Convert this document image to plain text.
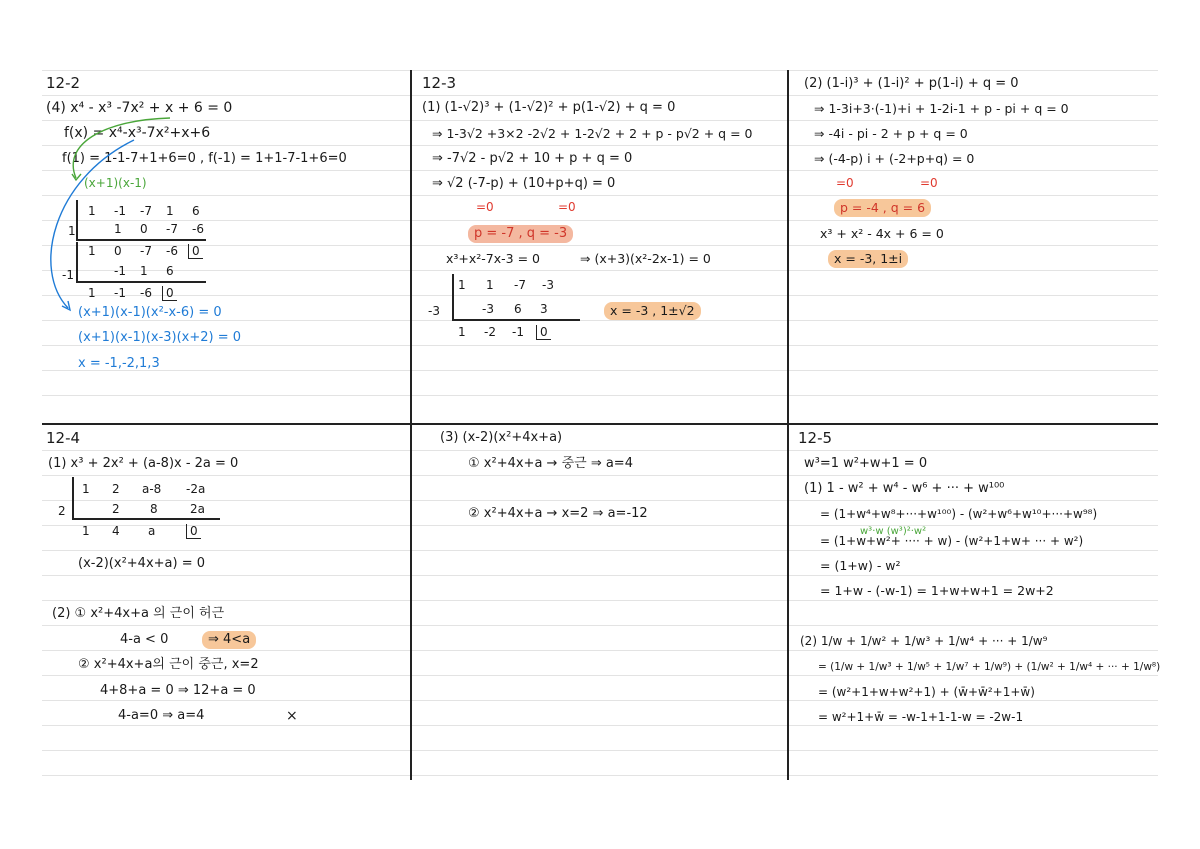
12-2
(4) x⁴ - x³ -7x² + x + 6 = 0
f(x) = x⁴-x³-7x²+x+6
f(1) = 1-1-7+1+6=0 , f(-1) = 1+1-7-1+6=0
(x+1)(x-1)
1 -1 -7 1 6
1	1 0 -7 -6
1 0 -7 -6 0
-1	-1 1 6
1 -1 -6 0
(x+1)(x-1)(x²-x-6) = 0
(x+1)(x-1)(x-3)(x+2) = 0
x = -1,-2,1,3
12-3
(1) (1-√2)³ + (1-√2)² + p(1-√2) + q = 0
⇒ 1-3√2 +3×2 -2√2 + 1-2√2 + 2 + p - p√2 + q = 0
⇒ -7√2 - p√2 + 10 + p + q = 0
⇒ √2 (-7-p) + (10+p+q) = 0
=0	=0
p = -7 , q = -3
x³+x²-7x-3 = 0	⇒ (x+3)(x²-2x-1) = 0
1 1 -7 -3
-3	-3 6 3
1 -2 -1 0
x = -3 , 1±√2
(2) (1-i)³ + (1-i)² + p(1-i) + q = 0
⇒ 1-3i+3·(-1)+i + 1-2i-1 + p - pi + q = 0
⇒ -4i - pi - 2 + p + q = 0
⇒ (-4-p) i + (-2+p+q) = 0
=0	=0
p = -4 , q = 6
x³ + x² - 4x + 6 = 0
x = -3, 1±i
12-4
(1) x³ + 2x² + (a-8)x - 2a = 0
1 2 a-8 -2a
2	2	8	2a
1 4 a	0
(x-2)(x²+4x+a) = 0
(2) ① x²+4x+a 의 근이 허근
4-a < 0	⇒ 4<a
② x²+4x+a의 근이 중근, x=2
4+8+a = 0 ⇒ 12+a = 0
4-a=0 ⇒ a=4	×
(3) (x-2)(x²+4x+a)
① x²+4x+a → 중근 ⇒ a=4
② x²+4x+a → x=2 ⇒ a=-12
12-5
w³=1 w²+w+1 = 0
(1) 1 - w² + w⁴ - w⁶ + ··· + w¹⁰⁰
= (1+w⁴+w⁸+···+w¹⁰⁰) - (w²+w⁶+w¹⁰+···+w⁹⁸)
w³·w (w³)²·w²
= (1+w+w²+ ···· + w) - (w²+1+w+ ··· + w²)
= (1+w) - w²
= 1+w - (-w-1) = 1+w+w+1 = 2w+2
(2) 1/w + 1/w² + 1/w³ + 1/w⁴ + ··· + 1/w⁹
= (1/w + 1/w³ + 1/w⁵ + 1/w⁷ + 1/w⁹) + (1/w² + 1/w⁴ + ··· + 1/w⁸)
= (w²+1+w+w²+1) + (w̄+w̄²+1+w̄)
= w²+1+w̄ = -w-1+1-1-w = -2w-1
